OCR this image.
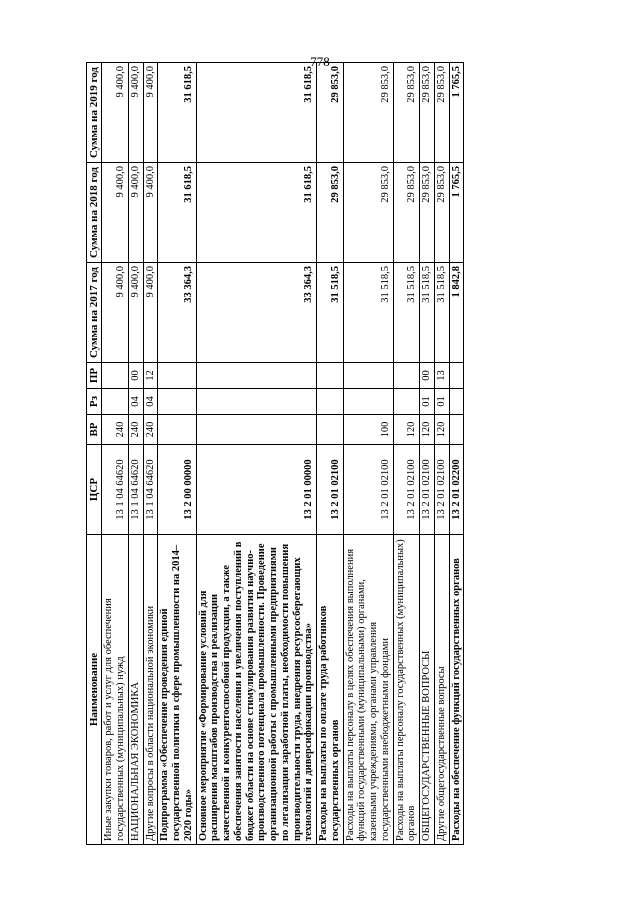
778
Наименование	ЦСР	ВР	Рз	ПР	Сумма на 2017 год	Сумма на 2018 год	Сумма на 2019 год
Иные закупки товаров, работ и услуг для обеспечения государственных (муниципальных) нужд	13 1 04 64620	240			9 400,0	9 400,0	9 400,0
НАЦИОНАЛЬНАЯ ЭКОНОМИКА	13 1 04 64620	240	04	00	9 400,0	9 400,0	9 400,0
Другие вопросы в области национальной экономики	13 1 04 64620	240	04	12	9 400,0	9 400,0	9 400,0
Подпрограмма «Обеспечение проведения единой государственной политики в сфере промышленности на 2014–2020 годы»	13 2 00 00000				33 364,3	31 618,5	31 618,5
Основное мероприятие «Формирование условий для расширения масштабов производства и реализации качественной и конкурентоспособной продукции, а также обеспечения занятости населения и увеличения поступлений в бюджет области на основе стимулирования развития научно-производственного потенциала промышленности. Проведение организационной работы с промышленными предприятиями по легализации заработной платы, необходимости повышения производительности труда, внедрения ресурсосберегающих технологий и диверсификации производства»	13 2 01 00000				33 364,3	31 618,5	31 618,5
Расходы на выплаты по оплате труда работников государственных органов	13 2 01 02100				31 518,5	29 853,0	29 853,0
Расходы на выплаты персоналу в целях обеспечения выполнения функций государственными (муниципальными) органами, казенными учреждениями, органами управления государственными внебюджетными фондами	13 2 01 02100	100			31 518,5	29 853,0	29 853,0
Расходы на выплаты персоналу государственных (муниципальных) органов	13 2 01 02100	120			31 518,5	29 853,0	29 853,0
ОБЩЕГОСУДАРСТВЕННЫЕ ВОПРОСЫ	13 2 01 02100	120	01	00	31 518,5	29 853,0	29 853,0
Другие общегосударственные вопросы	13 2 01 02100	120	01	13	31 518,5	29 853,0	29 853,0
Расходы на обеспечение функций государственных органов	13 2 01 02200				1 842,8	1 765,5	1 765,5
